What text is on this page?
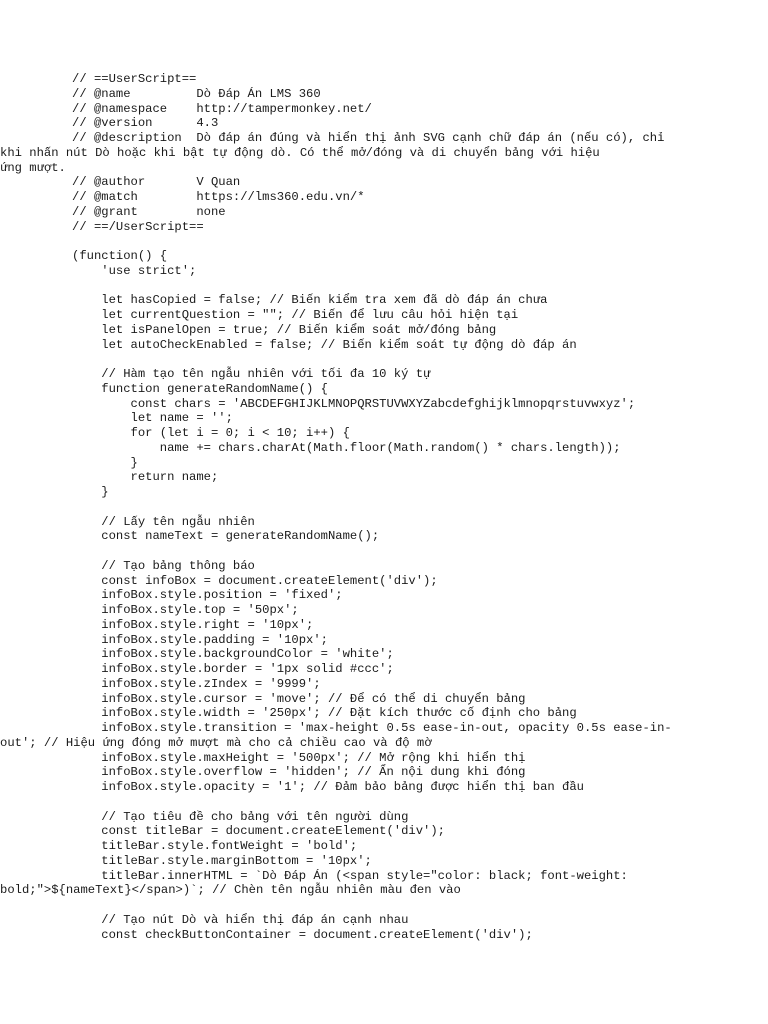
// ==UserScript==
// @name         Dò Đáp Án LMS 360
// @namespace    http://tampermonkey.net/
// @version      4.3
// @description  Dò đáp án đúng và hiển thị ảnh SVG cạnh chữ đáp án (nếu có), chỉ
khi nhấn nút Dò hoặc khi bật tự động dò. Có thể mở/đóng và di chuyển bảng với hiệu
ứng mượt.
// @author       V Quan
// @match        https://lms360.edu.vn/*
// @grant        none
// ==/UserScript==

(function() {
'use strict';

let hasCopied = false; // Biến kiểm tra xem đã dò đáp án chưa
let currentQuestion = ""; // Biến để lưu câu hỏi hiện tại
let isPanelOpen = true; // Biến kiểm soát mở/đóng bảng
let autoCheckEnabled = false; // Biến kiểm soát tự động dò đáp án

// Hàm tạo tên ngẫu nhiên với tối đa 10 ký tự
function generateRandomName() {
const chars = 'ABCDEFGHIJKLMNOPQRSTUVWXYZabcdefghijklmnopqrstuvwxyz';
let name = '';
for (let i = 0; i < 10; i++) {
name += chars.charAt(Math.floor(Math.random() * chars.length));
}
return name;
}

// Lấy tên ngẫu nhiên
const nameText = generateRandomName();

// Tạo bảng thông báo
const infoBox = document.createElement('div');
infoBox.style.position = 'fixed';
infoBox.style.top = '50px';
infoBox.style.right = '10px';
infoBox.style.padding = '10px';
infoBox.style.backgroundColor = 'white';
infoBox.style.border = '1px solid #ccc';
infoBox.style.zIndex = '9999';
infoBox.style.cursor = 'move'; // Để có thể di chuyển bảng
infoBox.style.width = '250px'; // Đặt kích thước cố định cho bảng
infoBox.style.transition = 'max-height 0.5s ease-in-out, opacity 0.5s ease-in-
out'; // Hiệu ứng đóng mở mượt mà cho cả chiều cao và độ mờ
infoBox.style.maxHeight = '500px'; // Mở rộng khi hiển thị
infoBox.style.overflow = 'hidden'; // Ẩn nội dung khi đóng
infoBox.style.opacity = '1'; // Đảm bảo bảng được hiển thị ban đầu

// Tạo tiêu đề cho bảng với tên người dùng
const titleBar = document.createElement('div');
titleBar.style.fontWeight = 'bold';
titleBar.style.marginBottom = '10px';
titleBar.innerHTML = `Dò Đáp Án (<span style="color: black; font-weight:
bold;">${nameText}</span>)`; // Chèn tên ngẫu nhiên màu đen vào

// Tạo nút Dò và hiển thị đáp án cạnh nhau
const checkButtonContainer = document.createElement('div');
